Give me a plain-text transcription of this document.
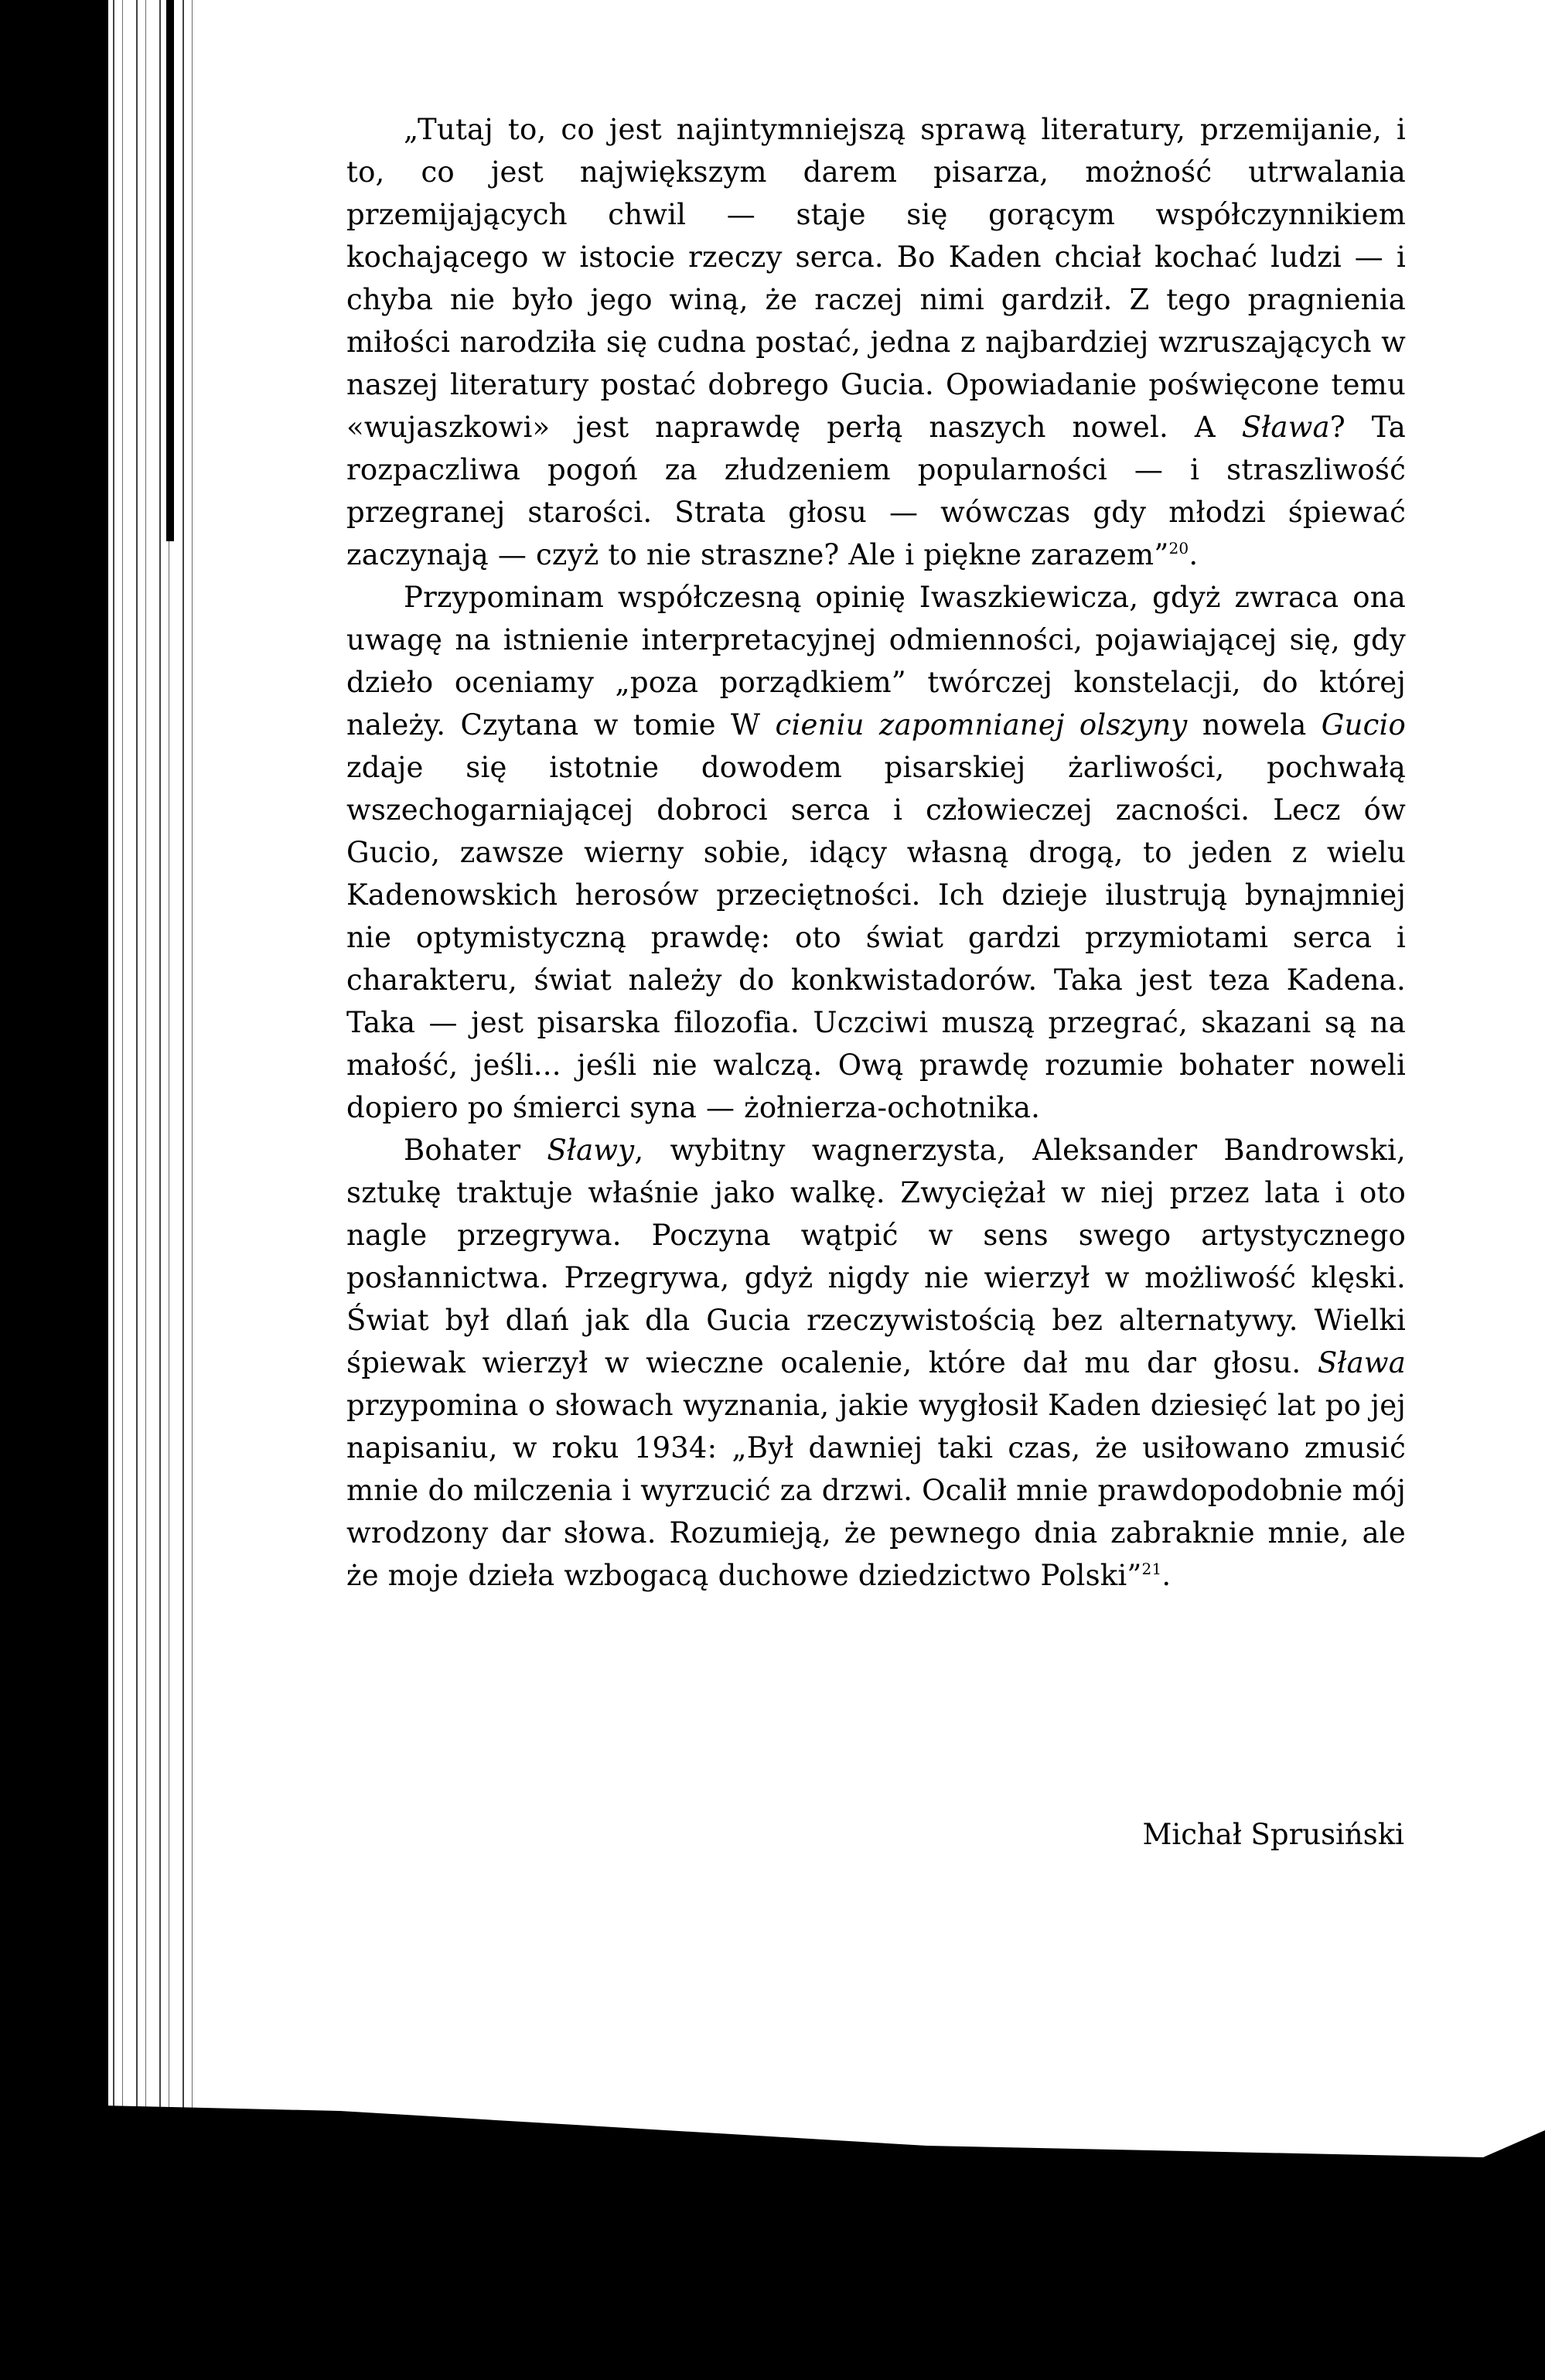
„Tutaj to, co jest najintymniejszą sprawą literatury, przemijanie, i to, co jest największym darem pisarza, możność utrwalania przemijających chwil — staje się gorącym współczynnikiem kochającego w istocie rzeczy serca. Bo Kaden chciał kochać ludzi — i chyba nie było jego winą, że raczej nimi gardził. Z tego pragnienia miłości narodziła się cudna postać, jedna z najbardziej wzruszających w naszej literatury postać dobrego Gucia. Opowiadanie poświęcone temu «wujaszkowi» jest naprawdę perłą naszych nowel. A Sława? Ta rozpaczliwa pogoń za złudzeniem popularności — i straszliwość przegranej starości. Strata głosu — wówczas gdy młodzi śpiewać zaczynają — czyż to nie straszne? Ale i piękne zarazem”$^{20}$.

Przypominam współczesną opinię Iwaszkiewicza, gdyż zwraca ona uwagę na istnienie interpretacyjnej odmienności, pojawiającej się, gdy dzieło oceniamy „poza porządkiem” twórczej konstelacji, do której należy. Czytana w tomie W cieniu zapomnianej olszyny nowela Gucio zdaje się istotnie dowodem pisarskiej żarliwości, pochwałą wszechogarniającej dobroci serca i człowieczej zacności. Lecz ów Gucio, zawsze wierny sobie, idący własną drogą, to jeden z wielu Kadenowskich herosów przeciętności. Ich dzieje ilustrują bynajmniej nie optymistyczną prawdę: oto świat gardzi przymiotami serca i charakteru, świat należy do konkwistadorów. Taka jest teza Kadena. Taka — jest pisarska filozofia. Uczciwi muszą przegrać, skazani są na małość, jeśli... jeśli nie walczą. Ową prawdę rozumie bohater noweli dopiero po śmierci syna — żołnierza-ochotnika.

Bohater Sławy, wybitny wagnerzysta, Aleksander Bandrowski, sztukę traktuje właśnie jako walkę. Zwyciężał w niej przez lata i oto nagle przegrywa. Poczyna wątpić w sens swego artystycznego posłannictwa. Przegrywa, gdyż nigdy nie wierzył w możliwość klęski. Świat był dlań jak dla Gucia rzeczywistością bez alternatywy. Wielki śpiewak wierzył w wieczne ocalenie, które dał mu dar głosu. Sława przypomina o słowach wyznania, jakie wygłosił Kaden dziesięć lat po jej napisaniu, w roku 1934: „Był dawniej taki czas, że usiłowano zmusić mnie do milczenia i wyrzucić za drzwi. Ocalił mnie prawdopodobnie mój wrodzony dar słowa. Rozumieją, że pewnego dnia zabraknie mnie, ale że moje dzieła wzbogacą duchowe dziedzictwo Polski”$^{21}$.

Michał Sprusiński
